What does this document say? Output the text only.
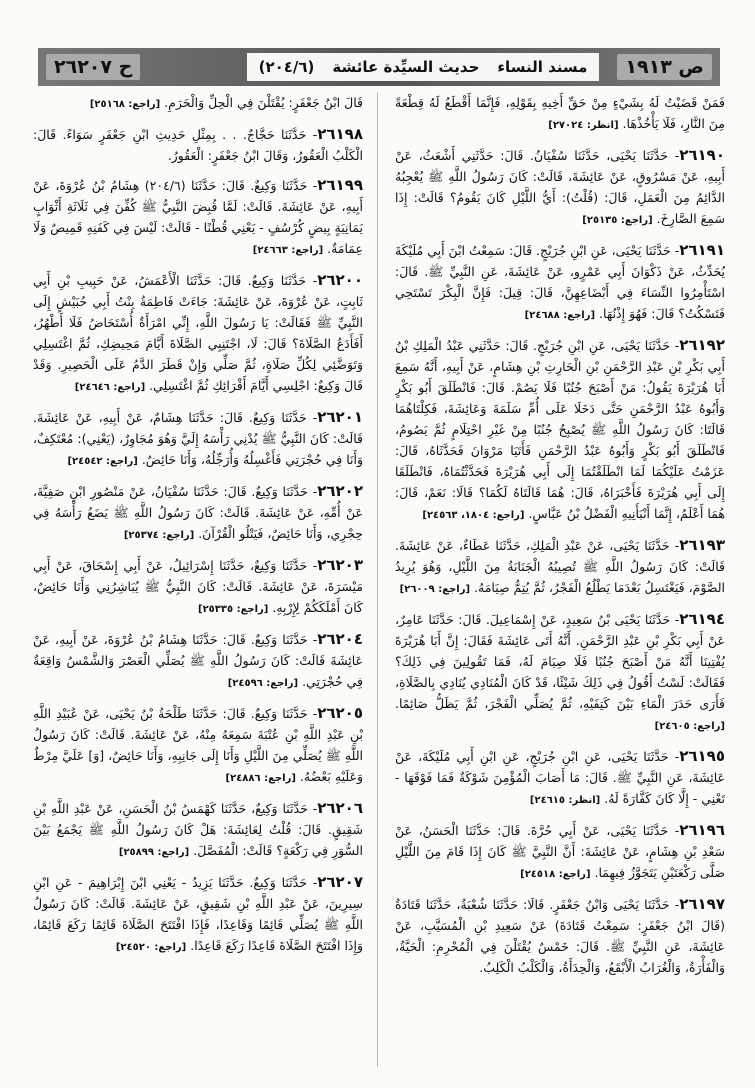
ص ١٩١٣
مسند النساء
حديث السيِّدة عائشة
(٢٠٤/٦)
ح ٢٦٢٠٧

فَمَنْ قَضَيْتُ لَهُ بِشَيْءٍ مِنْ حَقِّ أَخِيهِ بِقَوْلِهِ، فَإِنَّمَا أَقْطَعُ لَهُ قِطْعَةً مِنَ النَّارِ، فَلَا يَأْخُذْهَا. [انظر: ٢٧٠٢٤]

٢٦١٩٠- حَدَّثَنَا يَحْيَى، حَدَّثَنَا سُفْيَانُ. قَالَ: حَدَّثَنِي أَشْعَثُ، عَنْ أَبِيهِ، عَنْ مَسْرُوقٍ، عَنْ عَائِشَةَ، قَالَتْ: كَانَ رَسُولُ اللَّهِ ﷺ يُعْجِبُهُ الدَّائِمُ مِنَ الْعَمَلِ، قَالَ: (قُلْتُ): أَيُّ اللَّيْلِ كَانَ يَقُومُ؟ قَالَتْ: إِذَا سَمِعَ الصَّارِخَ. [راجع: ٢٥١٣٥]

٢٦١٩١- حَدَّثَنَا يَحْيَى، عَنِ ابْنِ جُرَيْجٍ. قَالَ: سَمِعْتُ ابْنَ أَبِي مُلَيْكَةَ يُحَدِّثُ، عَنْ ذَكْوَانَ أَبِي عَمْرٍو، عَنْ عَائِشَةَ، عَنِ النَّبِيِّ ﷺ. قَالَ: اسْتَأْمِرُوا النِّسَاءَ فِي أَبْضَاعِهِنَّ، قَالَ: قِيلَ: فَإِنَّ الْبِكْرَ تَسْتَحِي فَتَسْكُتُ؟ قَالَ: فَهُوَ إِذْنُهَا. [راجع: ٢٤٦٨٨]

٢٦١٩٢- حَدَّثَنَا يَحْيَى، عَنِ ابْنِ جُرَيْجٍ. قَالَ: حَدَّثَنِي عَبْدُ الْمَلِكِ بْنُ أَبِي بَكْرِ بْنِ عَبْدِ الرَّحْمَنِ بْنِ الْحَارِثِ بْنِ هِشَامٍ، عَنْ أَبِيهِ، أَنَّهُ سَمِعَ أَبَا هُرَيْرَةَ يَقُولُ: مَنْ أَصْبَحَ جُنُبًا فَلَا يَصُمْ. قَالَ: فَانْطَلَقَ أَبُو بَكْرٍ وَأَبُوهُ عَبْدُ الرَّحْمَنِ حَتَّى دَخَلَا عَلَى أُمِّ سَلَمَةَ وَعَائِشَةَ، فَكِلْتَاهُمَا قَالَتَا: كَانَ رَسُولُ اللَّهِ ﷺ يُصْبِحُ جُنُبًا مِنْ غَيْرِ احْتِلَامٍ ثُمَّ يَصُومُ، فَانْطَلَقَ أَبُو بَكْرٍ وَأَبُوهُ عَبْدُ الرَّحْمَنِ فَأَتَيَا مَرْوَانَ فَحَدَّثَاهُ، قَالَ: عَزَمْتُ عَلَيْكُمَا لَمَا انْطَلَقْتُمَا إِلَى أَبِي هُرَيْرَةَ فَحَدَّثْتُمَاهُ، فَانْطَلَقَا إِلَى أَبِي هُرَيْرَةَ فَأَخْبَرَاهُ، قَالَ: هُمَا قَالَتَاهُ لَكُمَا؟ قَالَا: نَعَمْ، قَالَ: هُمَا أَعْلَمُ، إِنَّمَا أَنْبَأَنِيهِ الْفَضْلُ بْنُ عَبَّاسٍ. [راجع: ١٨٠٤، ٢٤٥٦٣]

٢٦١٩٣- حَدَّثَنَا يَحْيَى، عَنْ عَبْدِ الْمَلِكِ، حَدَّثَنَا عَطَاءٌ، عَنْ عَائِشَةَ. قَالَتْ: كَانَ رَسُولُ اللَّهِ ﷺ تُصِيبُهُ الْجَنَابَةُ مِنَ اللَّيْلِ، وَهُوَ يُرِيدُ الصَّوْمَ، فَيَغْتَسِلُ بَعْدَمَا يَطْلُعُ الْفَجْرُ، ثُمَّ يُتِمُّ صِيَامَهُ. [راجع: ٢٦٠٠٩]

٢٦١٩٤- حَدَّثَنَا يَحْيَى بْنُ سَعِيدٍ، عَنْ إِسْمَاعِيلَ. قَالَ: حَدَّثَنَا عَامِرٌ، عَنْ أَبِي بَكْرِ بْنِ عَبْدِ الرَّحْمَنِ. أَنَّهُ أَتَى عَائِشَةَ فَقَالَ: إِنَّ أَبَا هُرَيْرَةَ يُفْتِينَا أَنَّهُ مَنْ أَصْبَحَ جُنُبًا فَلَا صِيَامَ لَهُ، فَمَا تَقُولِينَ فِي ذَلِكَ؟ فَقَالَتْ: لَسْتُ أَقُولُ فِي ذَلِكَ شَيْئًا، قَدْ كَانَ الْمُنَادِي يُنَادِي بِالصَّلَاةِ، فَأَرَى حَدَرَ الْمَاءِ بَيْنَ كَتِفَيْهِ، ثُمَّ يُصَلِّي الْفَجْرَ، ثُمَّ يَظَلُّ صَائِمًا. [راجع: ٢٤٦٠٥]

٢٦١٩٥- حَدَّثَنَا يَحْيَى، عَنِ ابْنِ جُرَيْجٍ، عَنِ ابْنِ أَبِي مُلَيْكَةَ، عَنْ عَائِشَةَ، عَنِ النَّبِيِّ ﷺ. قَالَ: مَا أَصَابَ الْمُؤْمِنَ شَوْكَةٌ فَمَا فَوْقَهَا - تَعْنِي - إِلَّا كَانَ كَفَّارَةً لَهُ. [انظر: ٢٤٦١٥]

٢٦١٩٦- حَدَّثَنَا يَحْيَى، عَنْ أَبِي حُرَّةَ. قَالَ: حَدَّثَنَا الْحَسَنُ، عَنْ سَعْدِ بْنِ هِشَامٍ، عَنْ عَائِشَةَ: أَنَّ النَّبِيَّ ﷺ كَانَ إِذَا قَامَ مِنَ اللَّيْلِ صَلَّى رَكْعَتَيْنِ يَتَجَوَّزُ فِيهِمَا. [راجع: ٢٤٥١٨]

٢٦١٩٧- حَدَّثَنَا يَحْيَى وَابْنُ جَعْفَرٍ. قَالَا: حَدَّثَنَا شُعْبَةُ، حَدَّثَنَا قَتَادَةُ (قَالَ ابْنُ جَعْفَرٍ: سَمِعْتُ قَتَادَةَ) عَنْ سَعِيدِ بْنِ الْمُسَيَّبِ، عَنْ عَائِشَةَ، عَنِ النَّبِيِّ ﷺ. قَالَ: خَمْسٌ يُقْتَلْنَ فِي الْمُحْرِمِ: الْحَيَّةُ، وَالْفَأْرَةُ، وَالْغُرَابُ الْأَبْقَعُ، وَالْحِدَأَةُ، وَالْكَلْبُ الْكَلِبُ.

قَالَ ابْنُ جَعْفَرٍ: يُقْتَلْنَ فِي الْحِلِّ وَالْحَرَمِ. [راجع: ٢٥١٦٨]

٢٦١٩٨- حَدَّثَنَا حَجَّاجٌ. . . بِمِثْلِ حَدِيثِ ابْنِ جَعْفَرٍ سَوَاءً. قَالَ: الْكَلْبُ الْعَقُورُ، وَقَالَ ابْنُ جَعْفَرٍ: الْعَقُورُ.

٢٦١٩٩- حَدَّثَنَا وَكِيعٌ. قَالَ: حَدَّثَنَا (٢٠٤/٦) هِشَامُ بْنُ عُرْوَةَ، عَنْ أَبِيهِ، عَنْ عَائِشَةَ. قَالَتْ: لَمَّا قُبِضَ النَّبِيُّ ﷺ كُفِّنَ فِي ثَلَاثَةِ أَثْوَابٍ يَمَانِيَةٍ بِيضٍ كُرْسُفٍ - يَعْنِي قُطْنًا - قَالَتْ: لَيْسَ فِي كَفَنِهِ قَمِيصٌ وَلَا عِمَامَةٌ. [راجع: ٢٤٦٦٣]

٢٦٢٠٠- حَدَّثَنَا وَكِيعٌ. قَالَ: حَدَّثَنَا الْأَعْمَشُ، عَنْ حَبِيبِ بْنِ أَبِي ثَابِتٍ، عَنْ عُرْوَةَ، عَنْ عَائِشَةَ: جَاءَتْ فَاطِمَةُ بِنْتُ أَبِي حُبَيْشٍ إِلَى النَّبِيِّ ﷺ فَقَالَتْ: يَا رَسُولَ اللَّهِ، إِنِّي امْرَأَةٌ أُسْتَحَاضُ فَلَا أَطْهُرُ، أَفَأَدَعُ الصَّلَاةَ؟ قَالَ: لَا، اجْتَنِبِي الصَّلَاةَ أَيَّامَ مَحِيضِكِ، ثُمَّ اغْتَسِلِي وَتَوَضَّئِي لِكُلِّ صَلَاةٍ، ثُمَّ صَلِّي وَإِنْ قَطَرَ الدَّمُ عَلَى الْحَصِيرِ. وَقَدْ قَالَ وَكِيعٌ: اجْلِسِي أَيَّامَ أَقْرَائِكِ ثُمَّ اغْتَسِلِي. [راجع: ٢٤٦٤٦]

٢٦٢٠١- حَدَّثَنَا وَكِيعٌ. قَالَ: حَدَّثَنَا هِشَامٌ، عَنْ أَبِيهِ، عَنْ عَائِشَةَ. قَالَتْ: كَانَ النَّبِيُّ ﷺ يُدْنِي رَأْسَهُ إِلَيَّ وَهُوَ مُجَاوِرٌ، (يَعْنِي): مُعْتَكِفٌ، وَأَنَا فِي حُجْرَتِي فَأَغْسِلُهُ وَأُرَجِّلُهُ، وَأَنَا حَائِضٌ. [راجع: ٢٤٥٤٢]

٢٦٢٠٢- حَدَّثَنَا وَكِيعٌ. قَالَ: حَدَّثَنَا سُفْيَانُ، عَنْ مَنْصُورِ ابْنِ صَفِيَّةَ، عَنْ أُمِّهِ، عَنْ عَائِشَةَ. قَالَتْ: كَانَ رَسُولُ اللَّهِ ﷺ يَضَعُ رَأْسَهُ فِي حِجْرِي، وَأَنَا حَائِضٌ، فَيَتْلُو الْقُرْآنَ. [راجع: ٢٥٣٧٤]

٢٦٢٠٣- حَدَّثَنَا وَكِيعٌ، حَدَّثَنَا إِسْرَائِيلُ، عَنْ أَبِي إِسْحَاقَ، عَنْ أَبِي مَيْسَرَةَ، عَنْ عَائِشَةَ. قَالَتْ: كَانَ النَّبِيُّ ﷺ يُبَاشِرُنِي وَأَنَا حَائِضٌ، كَانَ أَمْلَكَكُمْ لِإِرْبِهِ. [راجع: ٢٥٣٣٥]

٢٦٢٠٤- حَدَّثَنَا وَكِيعٌ. قَالَ: حَدَّثَنَا هِشَامُ بْنُ عُرْوَةَ، عَنْ أَبِيهِ، عَنْ عَائِشَةَ قَالَتْ: كَانَ رَسُولُ اللَّهِ ﷺ يُصَلِّي الْعَصْرَ وَالشَّمْسُ وَاقِعَةٌ فِي حُجْرَتِي. [راجع: ٢٤٥٩٦]

٢٦٢٠٥- حَدَّثَنَا وَكِيعٌ. قَالَ: حَدَّثَنَا طَلْحَةُ بْنُ يَحْيَى، عَنْ عُبَيْدِ اللَّهِ بْنِ عَبْدِ اللَّهِ بْنِ عُتْبَةَ سَمِعَهُ مِنْهُ، عَنْ عَائِشَةَ. قَالَتْ: كَانَ رَسُولُ اللَّهِ ﷺ يُصَلِّي مِنَ اللَّيْلِ وَأَنَا إِلَى جَانِبِهِ، وَأَنَا حَائِضٌ، [وَ] عَلَيَّ مِرْطٌ وَعَلَيْهِ بَعْضُهُ. [راجع: ٢٤٨٨٦]

٢٦٢٠٦- حَدَّثَنَا وَكِيعٌ، حَدَّثَنَا كَهْمَسُ بْنُ الْحَسَنِ، عَنْ عَبْدِ اللَّهِ بْنِ شَقِيقٍ. قَالَ: قُلْتُ لِعَائِشَةَ: هَلْ كَانَ رَسُولُ اللَّهِ ﷺ يَجْمَعُ بَيْنَ السُّوَرِ فِي رَكْعَةٍ؟ قَالَتْ: الْمُفَصَّلَ. [راجع: ٢٥٨٩٩]

٢٦٢٠٧- حَدَّثَنَا وَكِيعٌ. حَدَّثَنَا يَزِيدُ - يَعْنِي ابْنَ إِبْرَاهِيمَ - عَنِ ابْنِ سِيرِينَ، عَنْ عَبْدِ اللَّهِ بْنِ شَقِيقٍ، عَنْ عَائِشَةَ. قَالَتْ: كَانَ رَسُولُ اللَّهِ ﷺ يُصَلِّي قَائِمًا وَقَاعِدًا، فَإِذَا افْتَتَحَ الصَّلَاةَ قَائِمًا رَكَعَ قَائِمًا، وَإِذَا افْتَتَحَ الصَّلَاةَ قَاعِدًا رَكَعَ قَاعِدًا. [راجع: ٢٤٥٢٠]
